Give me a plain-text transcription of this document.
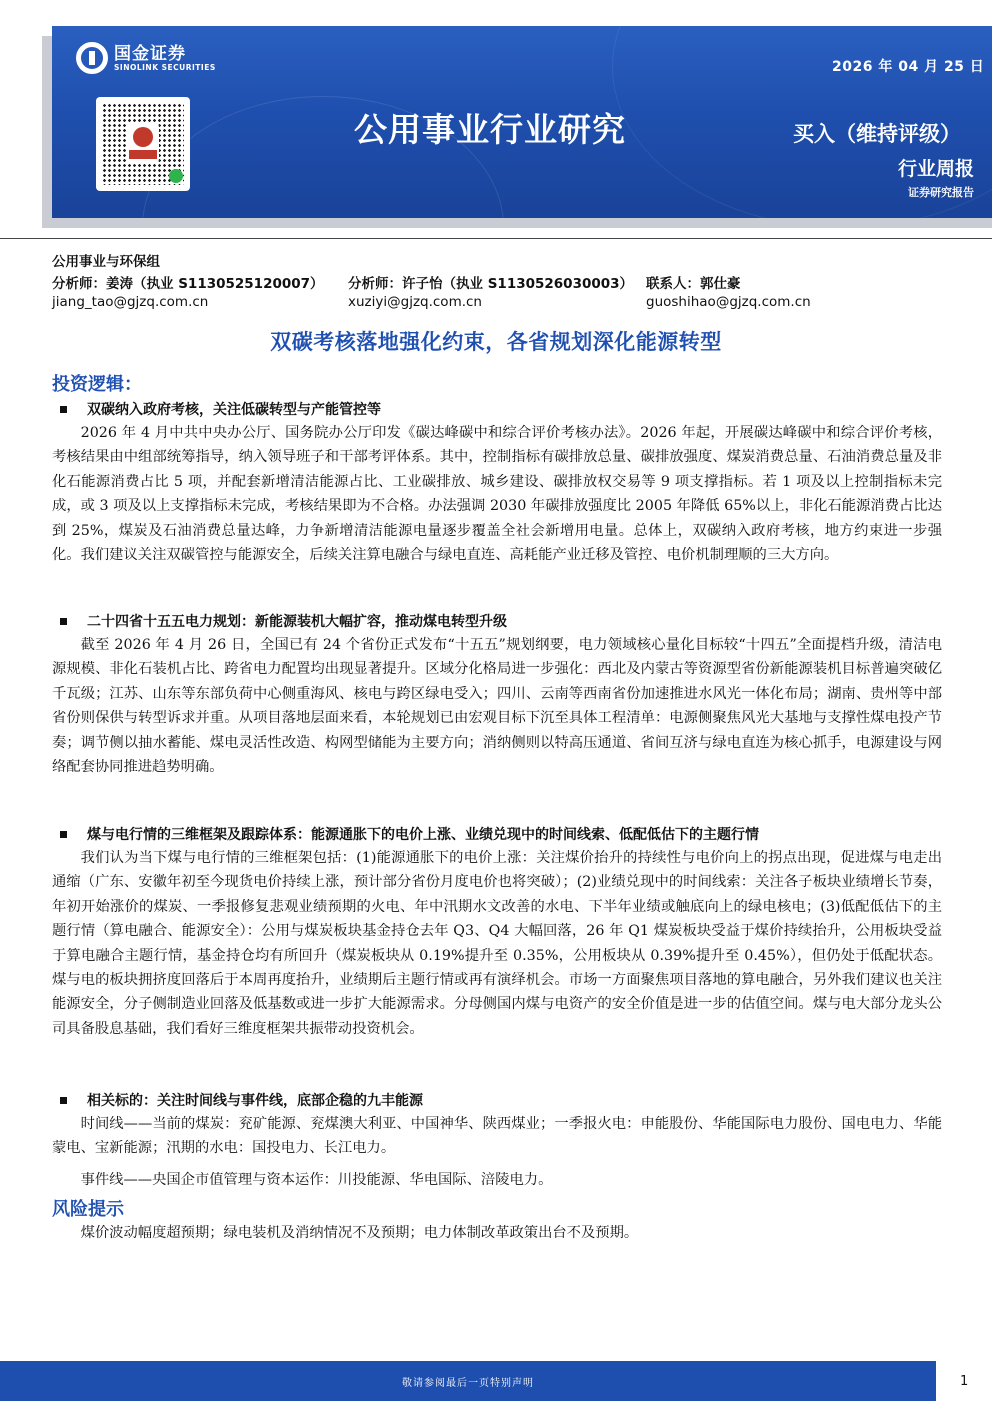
国金证券
SINOLINK SECURITIES	2026 年 04 月 25 日
公用事业行业研究	买入（维持评级）
行业周报
证券研究报告
公用事业与环保组
分析师：姜涛（执业 S1130525120007）
jiang_tao@gjzq.com.cn
分析师：许子怡（执业 S1130526030003）
xuziyi@gjzq.com.cn
联系人：郭仕豪
guoshihao@gjzq.com.cn
双碳考核落地强化约束，各省规划深化能源转型
投资逻辑：
双碳纳入政府考核，关注低碳转型与产能管控等

2026 年 4 月中共中央办公厅、国务院办公厅印发《碳达峰碳中和综合评价考核办法》。2026 年起，开展碳达峰碳中和综合评价考核，考核结果由中组部统筹指导，纳入领导班子和干部考评体系。其中，控制指标有碳排放总量、碳排放强度、煤炭消费总量、石油消费总量及非化石能源消费占比 5 项，并配套新增清洁能源占比、工业碳排放、城乡建设、碳排放权交易等 9 项支撑指标。若 1 项及以上控制指标未完成，或 3 项及以上支撑指标未完成，考核结果即为不合格。办法强调 2030 年碳排放强度比 2005 年降低 65%以上，非化石能源消费占比达到 25%，煤炭及石油消费总量达峰，力争新增清洁能源电量逐步覆盖全社会新增用电量。总体上，双碳纳入政府考核，地方约束进一步强化。我们建议关注双碳管控与能源安全，后续关注算电融合与绿电直连、高耗能产业迁移及管控、电价机制理顺的三大方向。

二十四省十五五电力规划：新能源装机大幅扩容，推动煤电转型升级

截至 2026 年 4 月 26 日，全国已有 24 个省份正式发布“十五五”规划纲要，电力领域核心量化目标较“十四五”全面提档升级，清洁电源规模、非化石装机占比、跨省电力配置均出现显著提升。区域分化格局进一步强化：西北及内蒙古等资源型省份新能源装机目标普遍突破亿千瓦级；江苏、山东等东部负荷中心侧重海风、核电与跨区绿电受入；四川、云南等西南省份加速推进水风光一体化布局；湖南、贵州等中部省份则保供与转型诉求并重。从项目落地层面来看，本轮规划已由宏观目标下沉至具体工程清单：电源侧聚焦风光大基地与支撑性煤电投产节奏；调节侧以抽水蓄能、煤电灵活性改造、构网型储能为主要方向；消纳侧则以特高压通道、省间互济与绿电直连为核心抓手，电源建设与网络配套协同推进趋势明确。

煤与电行情的三维框架及跟踪体系：能源通胀下的电价上涨、业绩兑现中的时间线索、低配低估下的主题行情

我们认为当下煤与电行情的三维框架包括：(1)能源通胀下的电价上涨：关注煤价抬升的持续性与电价向上的拐点出现，促进煤与电走出通缩（广东、安徽年初至今现货电价持续上涨，预计部分省份月度电价也将突破）；(2)业绩兑现中的时间线索：关注各子板块业绩增长节奏，年初开始涨价的煤炭、一季报修复悲观业绩预期的火电、年中汛期水文改善的水电、下半年业绩或触底向上的绿电核电；(3)低配低估下的主题行情（算电融合、能源安全）：公用与煤炭板块基金持仓去年 Q3、Q4 大幅回落，26 年 Q1 煤炭板块受益于煤价持续抬升，公用板块受益于算电融合主题行情，基金持仓均有所回升（煤炭板块从 0.19%提升至 0.35%，公用板块从 0.39%提升至 0.45%），但仍处于低配状态。煤与电的板块拥挤度回落后于本周再度抬升，业绩期后主题行情或再有演绎机会。市场一方面聚焦项目落地的算电融合，另外我们建议也关注能源安全，分子侧制造业回落及低基数或进一步扩大能源需求。分母侧国内煤与电资产的安全价值是进一步的估值空间。煤与电大部分龙头公司具备股息基础，我们看好三维度框架共振带动投资机会。

相关标的：关注时间线与事件线，底部企稳的九丰能源

时间线——当前的煤炭：兖矿能源、兖煤澳大利亚、中国神华、陕西煤业；一季报火电：申能股份、华能国际电力股份、国电电力、华能蒙电、宝新能源；汛期的水电：国投电力、长江电力。

事件线——央国企市值管理与资本运作：川投能源、华电国际、涪陵电力。

风险提示

煤价波动幅度超预期；绿电装机及消纳情况不及预期；电力体制改革政策出台不及预期。

敬请参阅最后一页特别声明	1
